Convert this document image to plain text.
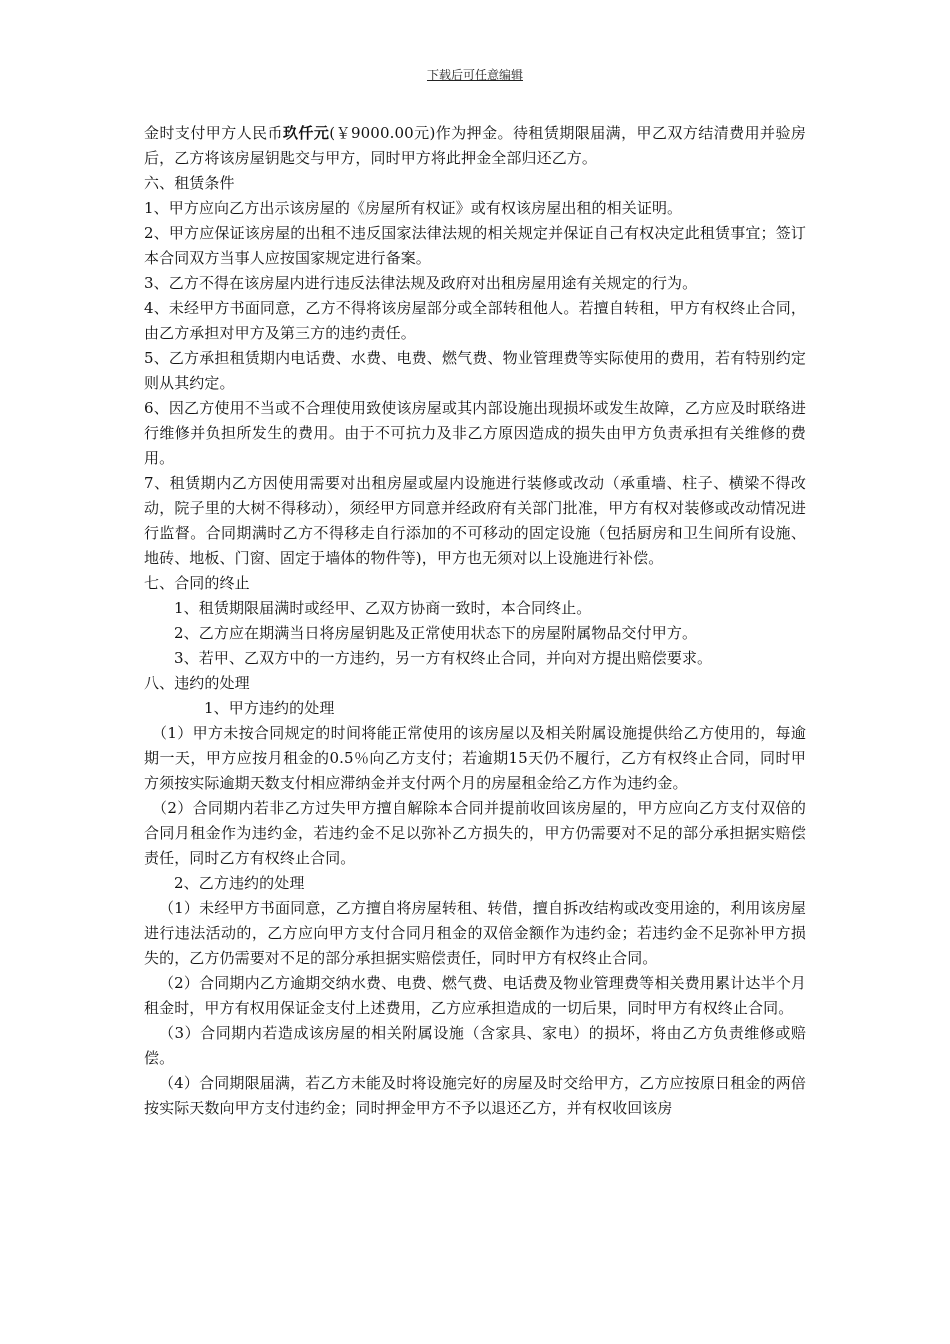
下载后可任意编辑

金时支付甲方人民币玖仟元(￥9000.00元)作为押金。待租赁期限届满，甲乙双方结清费用并验房后，乙方将该房屋钥匙交与甲方，同时甲方将此押金全部归还乙方。

六、租赁条件

1、甲方应向乙方出示该房屋的《房屋所有权证》或有权该房屋出租的相关证明。

2、甲方应保证该房屋的出租不违反国家法律法规的相关规定并保证自己有权决定此租赁事宜；签订本合同双方当事人应按国家规定进行备案。

3、乙方不得在该房屋内进行违反法律法规及政府对出租房屋用途有关规定的行为。

4、未经甲方书面同意，乙方不得将该房屋部分或全部转租他人。若擅自转租，甲方有权终止合同，由乙方承担对甲方及第三方的违约责任。

5、乙方承担租赁期内电话费、水费、电费、燃气费、物业管理费等实际使用的费用，若有特别约定则从其约定。

6、因乙方使用不当或不合理使用致使该房屋或其内部设施出现损坏或发生故障，乙方应及时联络进行维修并负担所发生的费用。由于不可抗力及非乙方原因造成的损失由甲方负责承担有关维修的费用。

7、租赁期内乙方因使用需要对出租房屋或屋内设施进行装修或改动（承重墙、柱子、横梁不得改动，院子里的大树不得移动），须经甲方同意并经政府有关部门批准，甲方有权对装修或改动情况进行监督。合同期满时乙方不得移走自行添加的不可移动的固定设施（包括厨房和卫生间所有设施、地砖、地板、门窗、固定于墙体的物件等)，甲方也无须对以上设施进行补偿。

七、合同的终止

1、租赁期限届满时或经甲、乙双方协商一致时，本合同终止。

2、乙方应在期满当日将房屋钥匙及正常使用状态下的房屋附属物品交付甲方。

3、若甲、乙双方中的一方违约，另一方有权终止合同，并向对方提出赔偿要求。

八、违约的处理

1、甲方违约的处理

（1）甲方未按合同规定的时间将能正常使用的该房屋以及相关附属设施提供给乙方使用的，每逾期一天，甲方应按月租金的0.5％向乙方支付；若逾期15天仍不履行，乙方有权终止合同，同时甲方须按实际逾期天数支付相应滞纳金并支付两个月的房屋租金给乙方作为违约金。

（2）合同期内若非乙方过失甲方擅自解除本合同并提前收回该房屋的，甲方应向乙方支付双倍的合同月租金作为违约金，若违约金不足以弥补乙方损失的，甲方仍需要对不足的部分承担据实赔偿责任，同时乙方有权终止合同。

2、乙方违约的处理

（1）未经甲方书面同意，乙方擅自将房屋转租、转借，擅自拆改结构或改变用途的，利用该房屋进行违法活动的，乙方应向甲方支付合同月租金的双倍金额作为违约金；若违约金不足弥补甲方损失的，乙方仍需要对不足的部分承担据实赔偿责任，同时甲方有权终止合同。

（2）合同期内乙方逾期交纳水费、电费、燃气费、电话费及物业管理费等相关费用累计达半个月租金时，甲方有权用保证金支付上述费用，乙方应承担造成的一切后果，同时甲方有权终止合同。

（3）合同期内若造成该房屋的相关附属设施（含家具、家电）的损坏，将由乙方负责维修或赔偿。

（4）合同期限届满，若乙方未能及时将设施完好的房屋及时交给甲方，乙方应按原日租金的两倍按实际天数向甲方支付违约金；同时押金甲方不予以退还乙方，并有权收回该房
